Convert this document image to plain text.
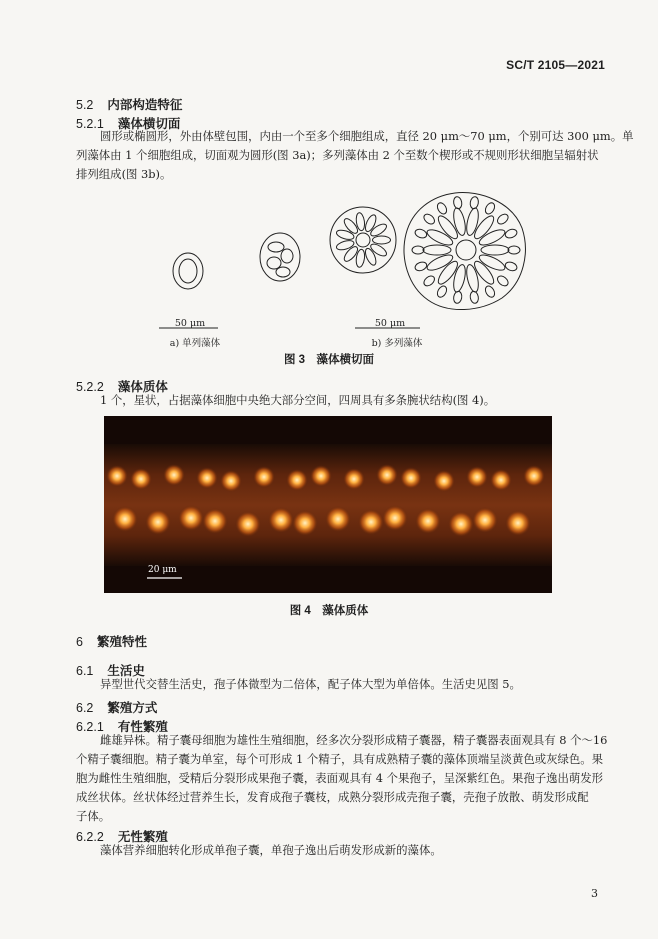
SC/T 2105—2021
5.2 内部构造特征
5.2.1 藻体横切面
圆形或椭圆形，外由体壁包围，内由一个至多个细胞组成，直径 20 μm～70 μm，个别可达 300 μm。单
列藻体由 1 个细胞组成，切面观为圆形(图 3a)；多列藻体由 2 个至数个楔形或不规则形状细胞呈辐射状
排列组成(图 3b)。
50 μm	50 μm
a) 单列藻体	b) 多列藻体
图 3　藻体横切面
5.2.2 藻体质体
1 个，星状，占据藻体细胞中央绝大部分空间，四周具有多条腕状结构(图 4)。
20 μm
图 4　藻体质体
6 繁殖特性
6.1 生活史
异型世代交替生活史，孢子体微型为二倍体，配子体大型为单倍体。生活史见图 5。
6.2 繁殖方式
6.2.1 有性繁殖
雌雄异株。精子囊母细胞为雄性生殖细胞，经多次分裂形成精子囊器，精子囊器表面观具有 8 个～16
个精子囊细胞。精子囊为单室，每个可形成 1 个精子，具有成熟精子囊的藻体顶端呈淡黄色或灰绿色。果
胞为雌性生殖细胞，受精后分裂形成果孢子囊，表面观具有 4 个果孢子，呈深紫红色。果孢子逸出萌发形
成丝状体。丝状体经过营养生长，发育成孢子囊枝，成熟分裂形成壳孢子囊，壳孢子放散、萌发形成配
子体。
6.2.2 无性繁殖
藻体营养细胞转化形成单孢子囊，单孢子逸出后萌发形成新的藻体。
3
